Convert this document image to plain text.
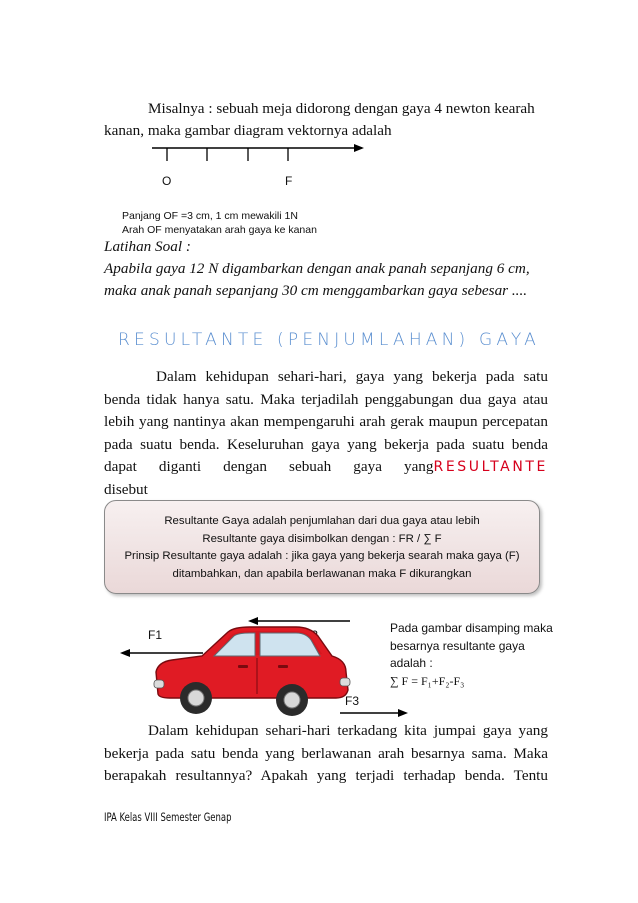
Misalnya : sebuah meja didorong dengan gaya 4 newton kearah
kanan, maka gambar diagram vektornya adalah
O	F
Panjang OF =3 cm, 1 cm mewakili 1N
Arah OF menyatakan arah gaya ke kanan
Latihan Soal :
Apabila gaya 12 N digambarkan dengan anak panah sepanjang 6 cm,
maka anak panah sepanjang 30 cm menggambarkan gaya sebesar ....
RESULTANTE (PENJUMLAHAN) GAYA
Dalam kehidupan sehari-hari, gaya yang bekerja pada satu
benda tidak hanya satu. Maka terjadilah penggabungan dua gaya atau
lebih yang nantinya akan mempengaruhi arah gerak maupun percepatan
pada suatu benda. Keseluruhan gaya yang bekerja pada suatu benda
dapat diganti dengan sebuah gaya yang disebut
RESULTANTE

Resultante Gaya adalah penjumlahan dari dua gaya atau lebih

Resultante gaya disimbolkan dengan : FR / ∑ F

Prinsip Resultante gaya adalah : jika gaya yang bekerja searah maka gaya (F)

ditambahkan, dan apabila berlawanan maka F dikurangkan

F1
F3
Pada gambar disamping maka
besarnya resultante gaya
adalah :
∑ F = F₁+F₂-F₃
Dalam kehidupan sehari-hari terkadang kita jumpai gaya yang
bekerja pada satu benda yang berlawanan arah besarnya sama. Maka
berapakah resultannya? Apakah yang terjadi terhadap benda. Tentu
IPA Kelas VIII Semester Genap
